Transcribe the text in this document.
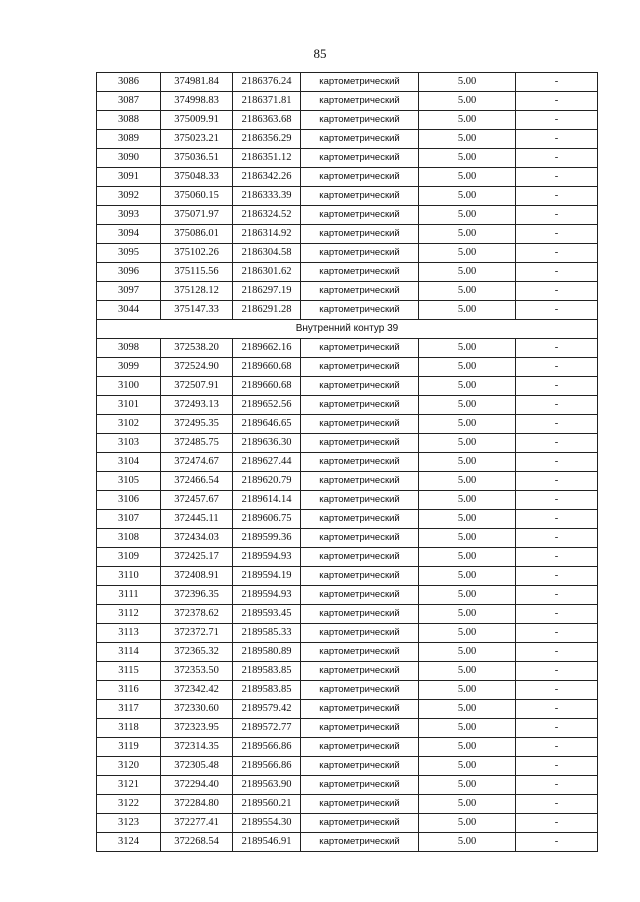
85
3086	374981.84	2186376.24	картометрический	5.00	-
3087	374998.83	2186371.81	картометрический	5.00	-
3088	375009.91	2186363.68	картометрический	5.00	-
3089	375023.21	2186356.29	картометрический	5.00	-
3090	375036.51	2186351.12	картометрический	5.00	-
3091	375048.33	2186342.26	картометрический	5.00	-
3092	375060.15	2186333.39	картометрический	5.00	-
3093	375071.97	2186324.52	картометрический	5.00	-
3094	375086.01	2186314.92	картометрический	5.00	-
3095	375102.26	2186304.58	картометрический	5.00	-
3096	375115.56	2186301.62	картометрический	5.00	-
3097	375128.12	2186297.19	картометрический	5.00	-
3044	375147.33	2186291.28	картометрический	5.00	-
Внутренний контур 39					
3098	372538.20	2189662.16	картометрический	5.00	-
3099	372524.90	2189660.68	картометрический	5.00	-
3100	372507.91	2189660.68	картометрический	5.00	-
3101	372493.13	2189652.56	картометрический	5.00	-
3102	372495.35	2189646.65	картометрический	5.00	-
3103	372485.75	2189636.30	картометрический	5.00	-
3104	372474.67	2189627.44	картометрический	5.00	-
3105	372466.54	2189620.79	картометрический	5.00	-
3106	372457.67	2189614.14	картометрический	5.00	-
3107	372445.11	2189606.75	картометрический	5.00	-
3108	372434.03	2189599.36	картометрический	5.00	-
3109	372425.17	2189594.93	картометрический	5.00	-
3110	372408.91	2189594.19	картометрический	5.00	-
3111	372396.35	2189594.93	картометрический	5.00	-
3112	372378.62	2189593.45	картометрический	5.00	-
3113	372372.71	2189585.33	картометрический	5.00	-
3114	372365.32	2189580.89	картометрический	5.00	-
3115	372353.50	2189583.85	картометрический	5.00	-
3116	372342.42	2189583.85	картометрический	5.00	-
3117	372330.60	2189579.42	картометрический	5.00	-
3118	372323.95	2189572.77	картометрический	5.00	-
3119	372314.35	2189566.86	картометрический	5.00	-
3120	372305.48	2189566.86	картометрический	5.00	-
3121	372294.40	2189563.90	картометрический	5.00	-
3122	372284.80	2189560.21	картометрический	5.00	-
3123	372277.41	2189554.30	картометрический	5.00	-
3124	372268.54	2189546.91	картометрический	5.00	-
